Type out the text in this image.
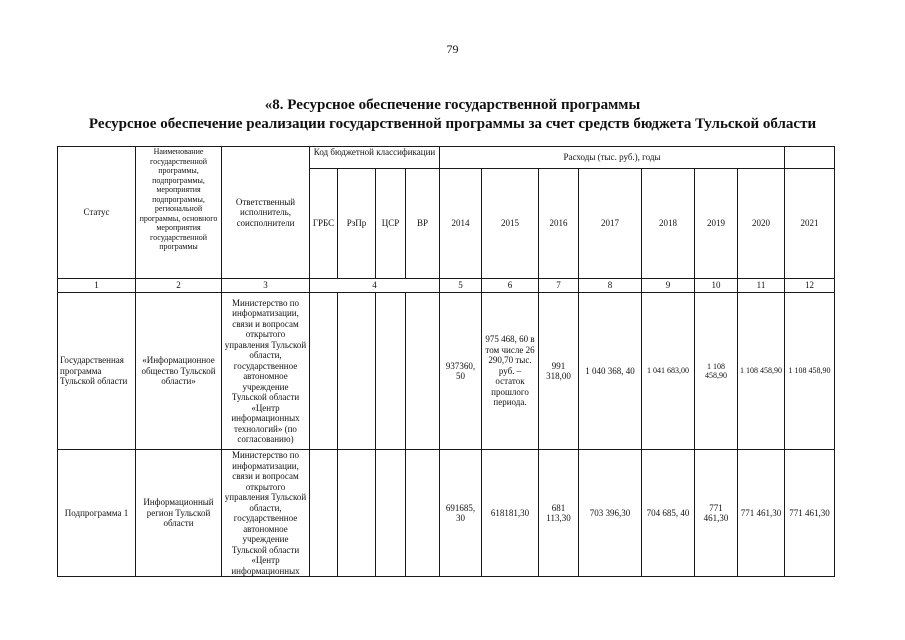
79
«8. Ресурсное обеспечение государственной программы
Ресурсное обеспечение реализации государственной программы за счет средств бюджета Тульской области
Статус	Наименование государственной программы, подпрограммы, мероприятия подпрограммы, региональной программы, основного мероприятия государственной программы	Ответственный исполнитель, соисполнители	Код бюджетной классификации				Расходы (тыс. руб.), годы							
			ГРБС	РзПр	ЦСР	ВР	2014	2015	2016	2017	2018	2019	2020	2021
1	2	3	4				5	6	7	8	9	10	11	12
Государственная программа Тульской области	«Информационное общество Тульской области»	Министерство по информатизации, связи и вопросам открытого управления Тульской области, государственное автономное учреждение Тульской области «Центр информационных технологий» (по согласованию)					937360, 50	975 468, 60 в том числе 26 290,70 тыс. руб. – остаток прошлого периода.	991 318,00	1 040 368, 40	1 041 683,00	1 108 458,90	1 108 458,90	1 108 458,90
Подпрограмма 1	Информационный регион Тульской области	Министерство по информатизации, связи и вопросам открытого управления Тульской области, государственное автономное учреждение Тульской области «Центр информационных					691685, 30	618181,30	681 113,30	703 396,30	704 685, 40	771 461,30	771 461,30	771 461,30
